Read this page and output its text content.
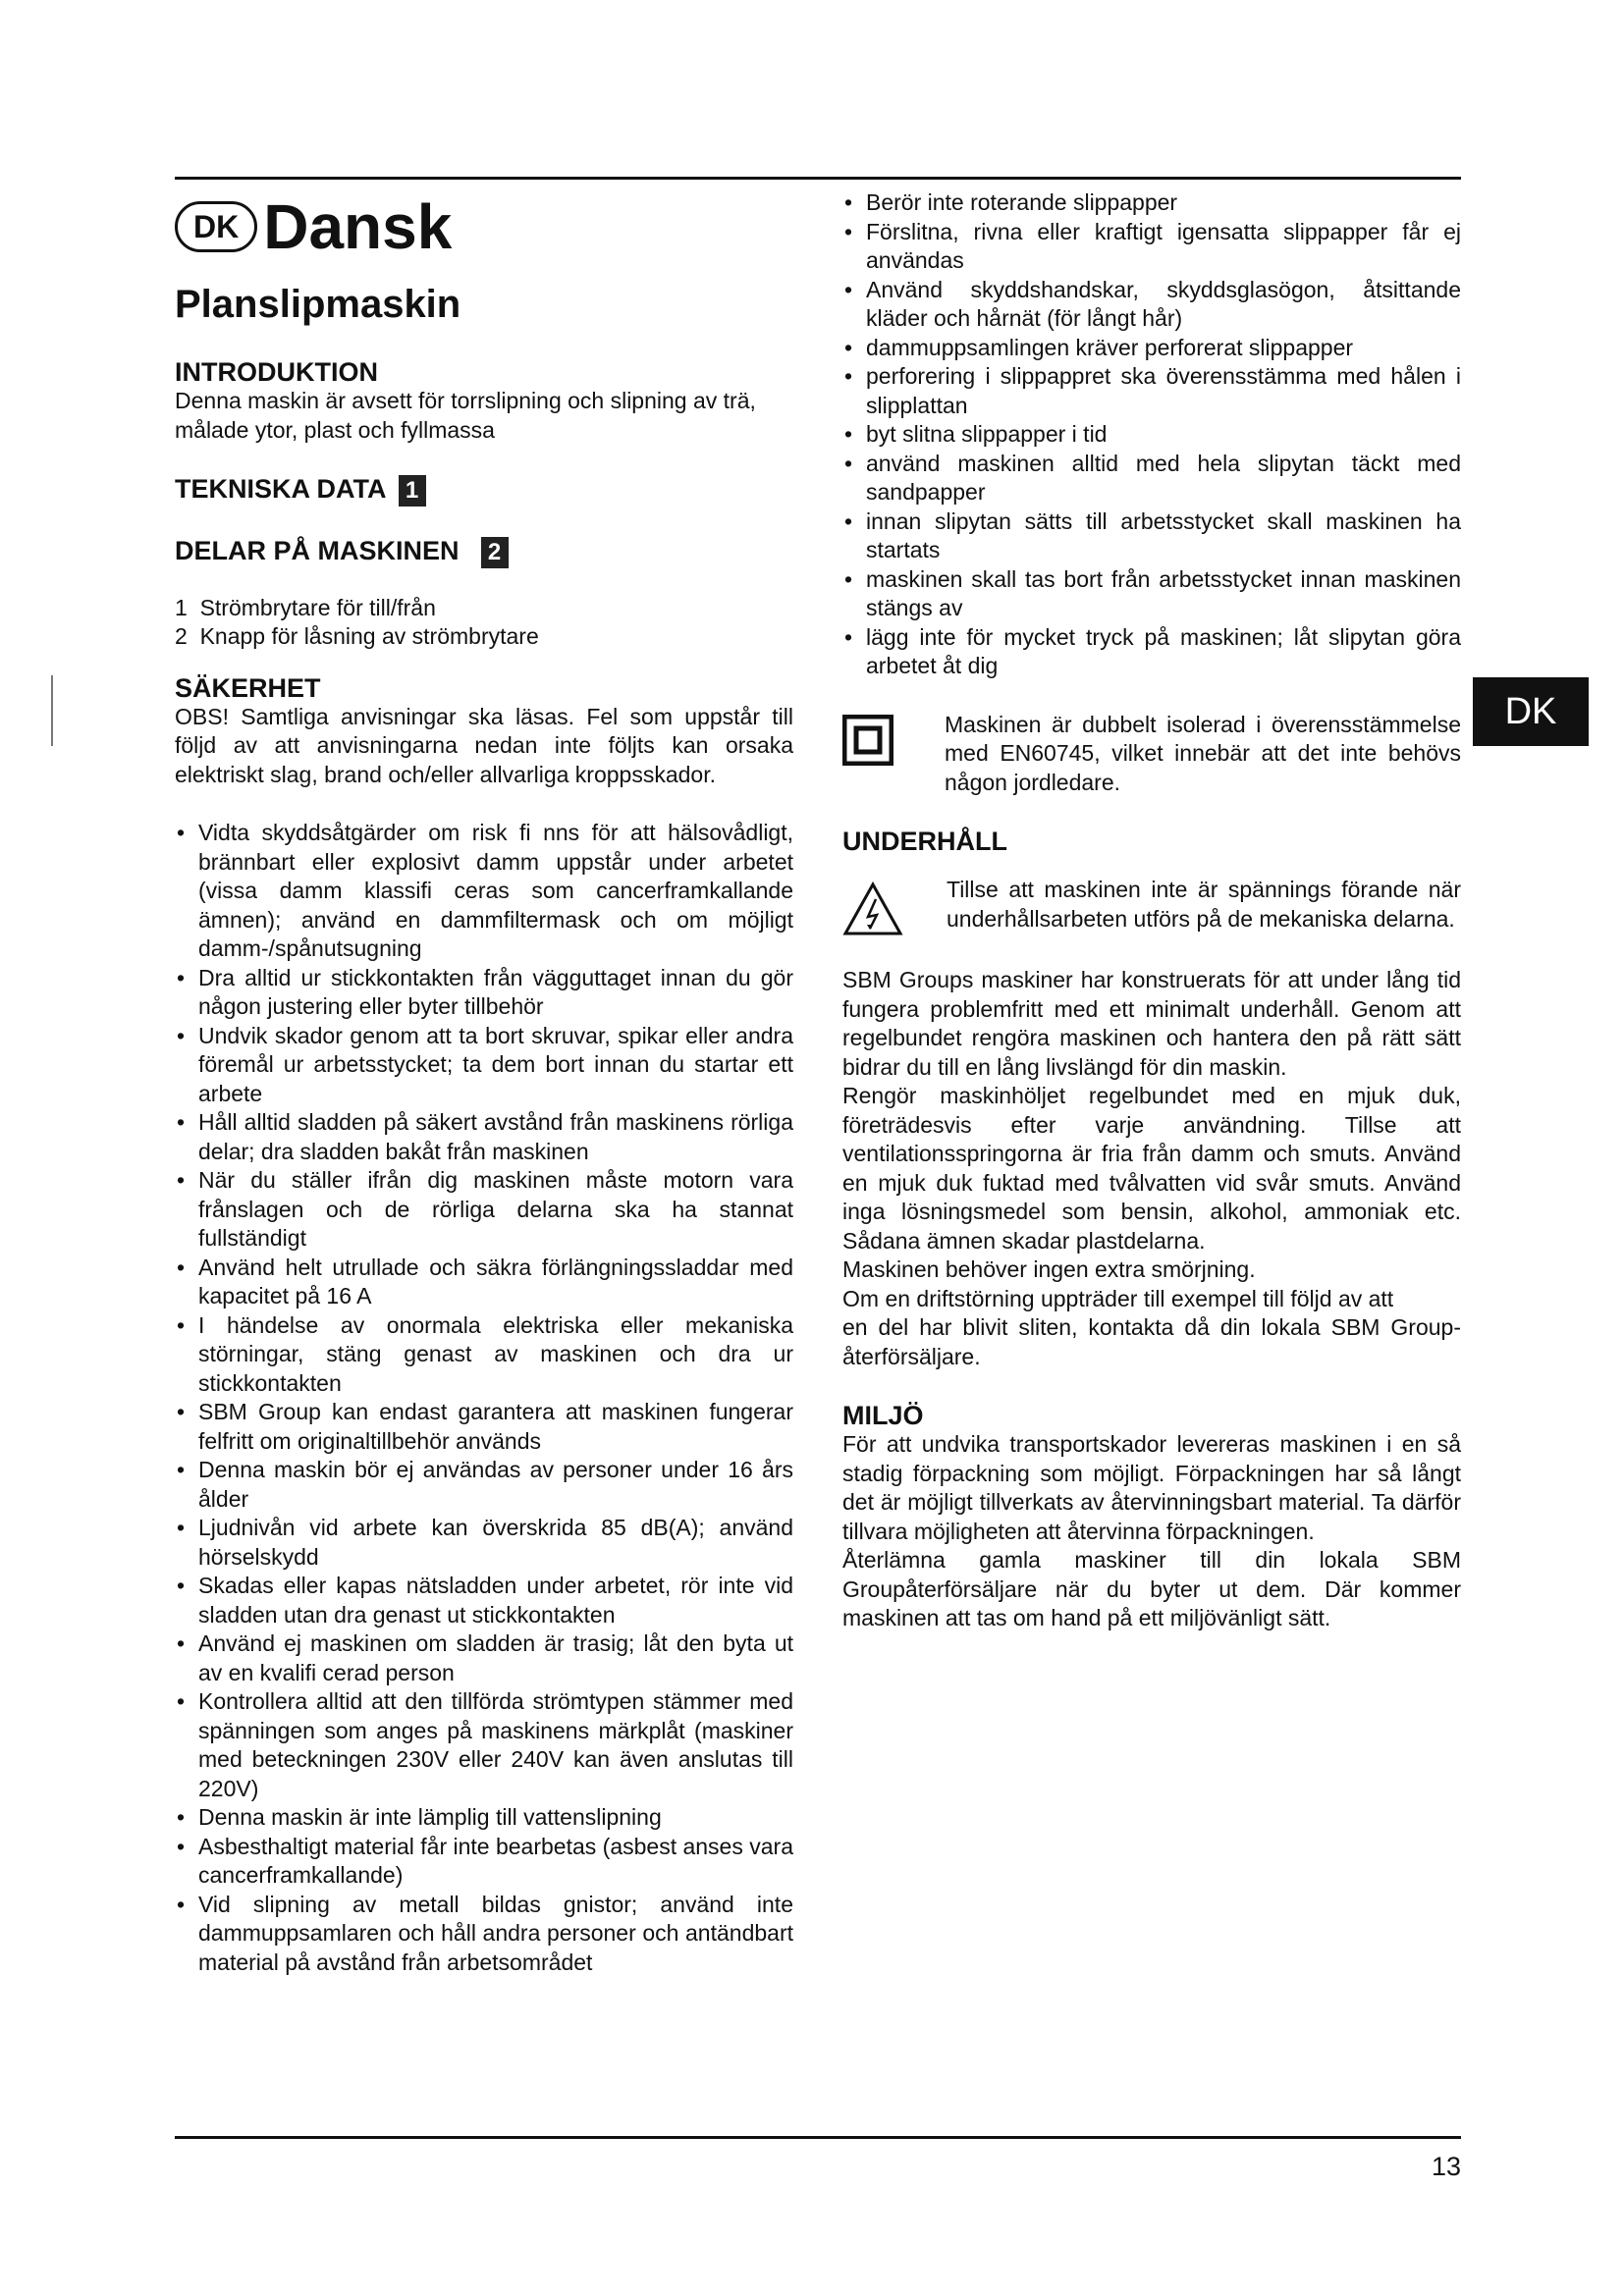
DK
DK Dansk
Planslipmaskin
INTRODUKTION

Denna maskin är avsett för torrslipning och slipning av trä, målade ytor, plast och fyllmassa

TEKNISKA DATA 1
DELAR PÅ MASKINEN 2

1  Strömbrytare för till/från

2  Knapp för låsning av strömbrytare

SÄKERHET

OBS! Samtliga anvisningar ska läsas. Fel som uppstår till följd av att anvisningarna nedan inte följts kan orsaka elektriskt slag, brand och/eller allvarliga kroppsskador.

• Vidta skyddsåtgärder om risk fi nns för att hälsovådligt, brännbart eller explosivt damm uppstår under arbetet (vissa damm klassifi ceras som cancerframkallande ämnen); använd en dammfiltermask och om möjligt damm-/spånutsugning
• Dra alltid ur stickkontakten från vägguttaget innan du gör någon justering eller byter tillbehör
• Undvik skador genom att ta bort skruvar, spikar eller andra föremål ur arbetsstycket; ta dem bort innan du startar ett arbete
• Håll alltid sladden på säkert avstånd från maskinens rörliga delar; dra sladden bakåt från maskinen
• När du ställer ifrån dig maskinen måste motorn vara frånslagen och de rörliga delarna ska ha stannat fullständigt
• Använd helt utrullade och säkra förlängningssladdar med kapacitet på 16 A
• I händelse av onormala elektriska eller mekaniska störningar, stäng genast av maskinen och dra ur stickkontakten
• SBM Group kan endast garantera att maskinen fungerar felfritt om originaltillbehör används
• Denna maskin bör ej användas av personer under 16 års ålder
• Ljudnivån vid arbete kan överskrida 85 dB(A); använd hörselskydd
• Skadas eller kapas nätsladden under arbetet, rör inte vid sladden utan dra genast ut stickkontakten
• Använd ej maskinen om sladden är trasig; låt den byta ut av en kvalifi cerad person
• Kontrollera alltid att den tillförda strömtypen stämmer med spänningen som anges på maskinens märkplåt (maskiner med beteckningen 230V eller 240V kan även anslutas till 220V)
• Denna maskin är inte lämplig till vattenslipning
• Asbesthaltigt material får inte bearbetas (asbest anses vara cancerframkallande)
• Vid slipning av metall bildas gnistor; använd inte dammuppsamlaren och håll andra personer och antändbart material på avstånd från arbetsområdet
• Berör inte roterande slippapper
• Förslitna, rivna eller kraftigt igensatta slippapper får ej användas
• Använd skyddshandskar, skyddsglasögon, åtsittande kläder och hårnät (för långt hår)
• dammuppsamlingen kräver perforerat slippapper
• perforering i slippappret ska överensstämma med hålen i slipplattan
• byt slitna slippapper i tid
• använd maskinen alltid med hela slipytan täckt med sandpapper
• innan slipytan sätts till arbetsstycket skall maskinen ha startats
• maskinen skall tas bort från arbetsstycket innan maskinen stängs av
• lägg inte för mycket tryck på maskinen; låt slipytan göra arbetet åt dig

Maskinen är dubbelt isolerad i överensstämmelse med EN60745, vilket innebär att det inte behövs någon jordledare.

UNDERHÅLL

Tillse att maskinen inte är spännings förande när underhållsarbeten utförs på de mekaniska delarna.

SBM Groups maskiner har konstruerats för att under lång tid fungera problemfritt med ett minimalt underhåll. Genom att regelbundet rengöra maskinen och hantera den på rätt sätt bidrar du till en lång livslängd för din maskin.

Rengör maskinhöljet regelbundet med en mjuk duk, företrädesvis efter varje användning. Tillse att ventilationsspringorna är fria från damm och smuts. Använd en mjuk duk fuktad med tvålvatten vid svår smuts. Använd inga lösningsmedel som bensin, alkohol, ammoniak etc. Sådana ämnen skadar plastdelarna.

Maskinen behöver ingen extra smörjning.

Om en driftstörning uppträder till exempel till följd av att

en del har blivit sliten, kontakta då din lokala SBM Group- återförsäljare.

MILJÖ

För att undvika transportskador levereras maskinen i en så stadig förpackning som möjligt. Förpackningen har så långt det är möjligt tillverkats av återvinningsbart material. Ta därför tillvara möjligheten att återvinna förpackningen.

Återlämna gamla maskiner till din lokala SBM Groupåterförsäljare när du byter ut dem. Där kommer maskinen att tas om hand på ett miljövänligt sätt.

13
